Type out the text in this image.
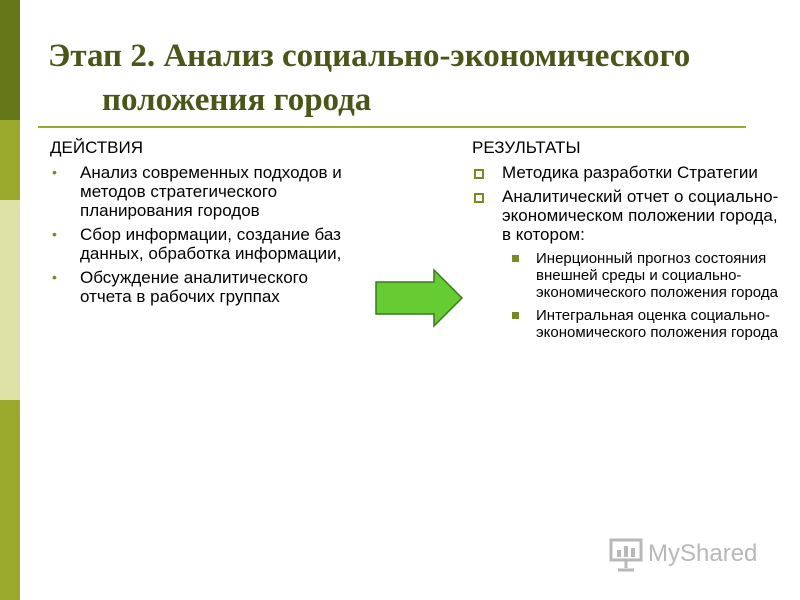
Этап 2. Анализ социально-экономического
положения города
ДЕЙСТВИЯ
• Анализ современных подходов и методов стратегического планирования городов
• Сбор информации, создание баз данных, обработка информации,
• Обсуждение аналитического отчета в рабочих группах
РЕЗУЛЬТАТЫ
Методика разработки Стратегии
Аналитический отчет о социально-экономическом положении города, в котором:
Инерционный прогноз состояния внешней среды и социально-экономического положения города
Интегральная оценка социально-экономического положения города
MyShared
